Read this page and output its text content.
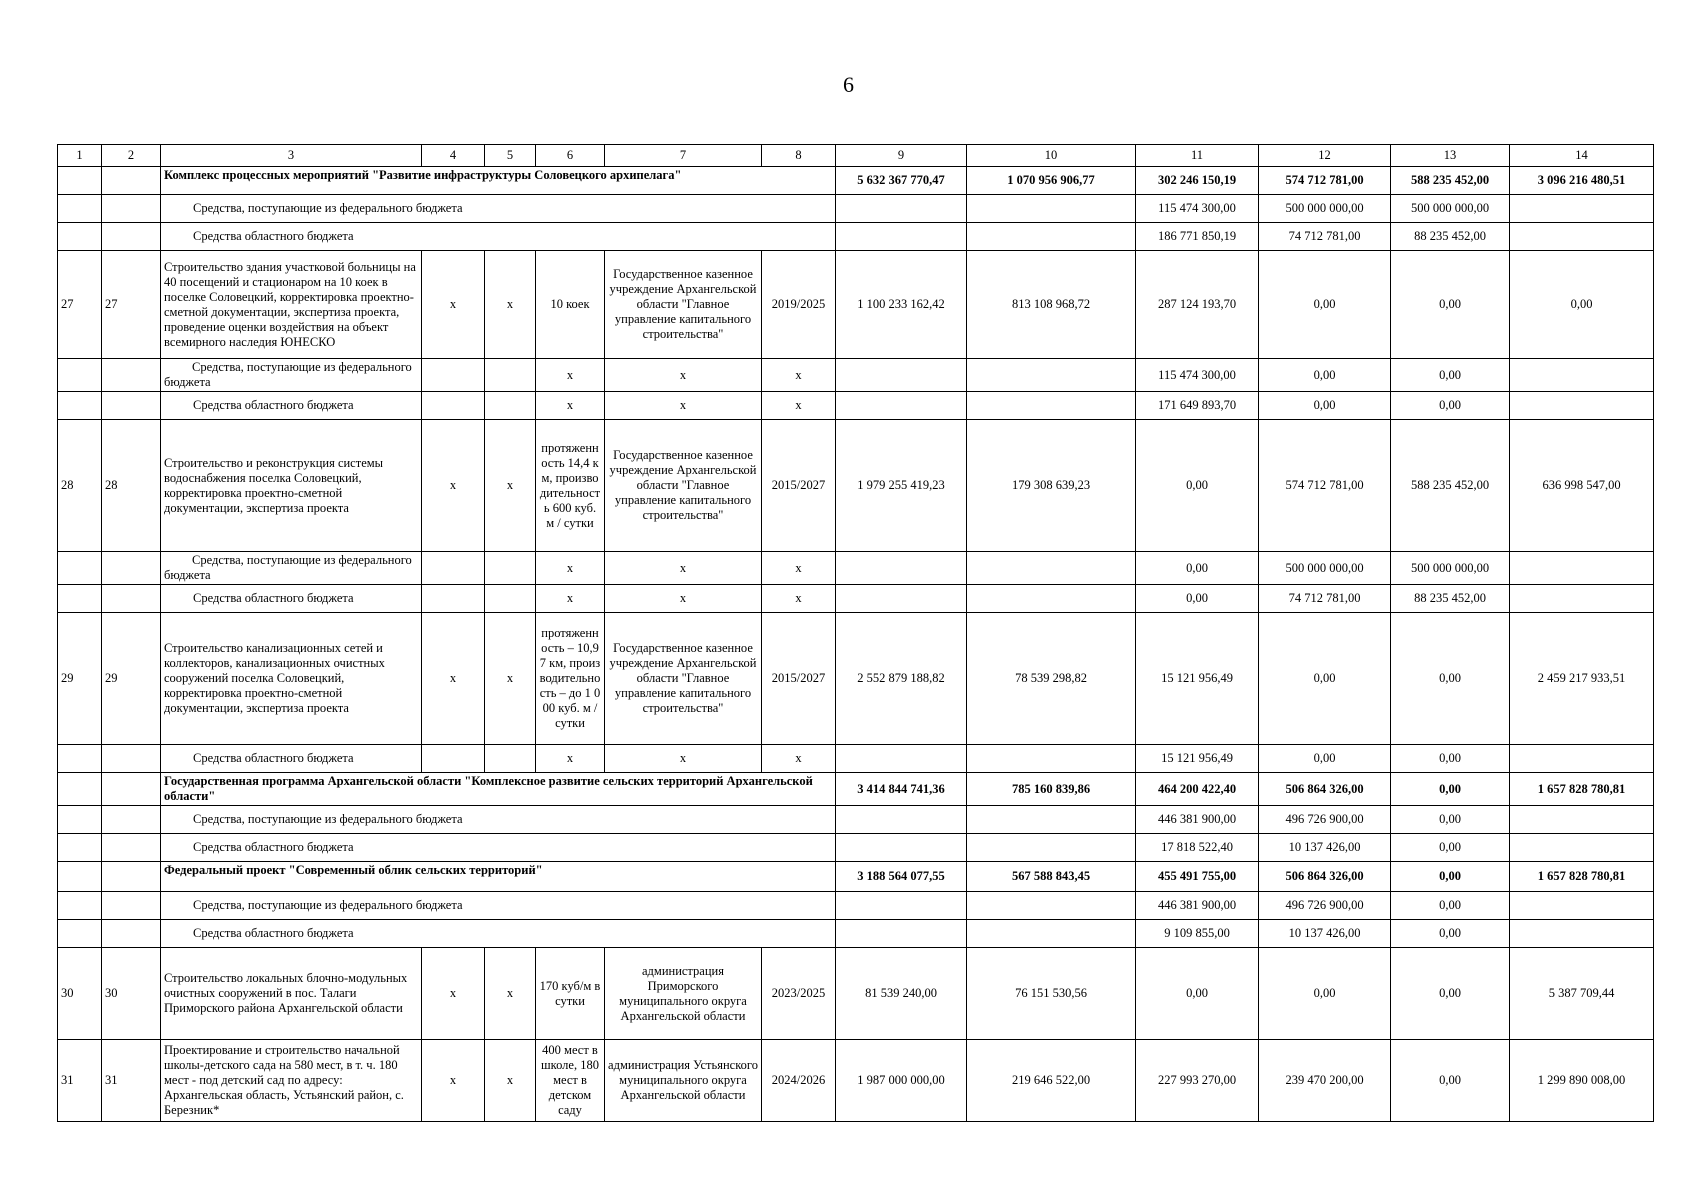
6
1	2	3	4	5	6	7	8	9	10	11	12	13	14
		Комплекс процессных мероприятий "Развитие инфраструктуры Соловецкого архипелага"						5 632 367 770,47	1 070 956 906,77	302 246 150,19	574 712 781,00	588 235 452,00	3 096 216 480,51
		Средства, поступающие из федерального бюджета								115 474 300,00	500 000 000,00	500 000 000,00	
		Средства областного бюджета								186 771 850,19	74 712 781,00	88 235 452,00	
27	27	Строительство здания участковой больницы на 40 посещений и стационаром на 10 коек в поселке Соловецкий, корректировка проектно-сметной документации, экспертиза проекта, проведение оценки воздействия на объект всемирного наследия ЮНЕСКО	х	х	10 коек	Государственное казенное учреждение Архангельской области "Главное управление капитального строительства"	2019/2025	1 100 233 162,42	813 108 968,72	287 124 193,70	0,00	0,00	0,00
		Средства, поступающие из федерального бюджета			х	х	х			115 474 300,00	0,00	0,00	
		Средства областного бюджета			х	х	х			171 649 893,70	0,00	0,00	
28	28	Строительство и реконструкция системы водоснабжения поселка Соловецкий, корректировка проектно-сметной документации, экспертиза проекта	х	х	протяженность 14,4 км, производительность 600 куб. м / сутки	Государственное казенное учреждение Архангельской области "Главное управление капитального строительства"	2015/2027	1 979 255 419,23	179 308 639,23	0,00	574 712 781,00	588 235 452,00	636 998 547,00
		Средства, поступающие из федерального бюджета			х	х	х			0,00	500 000 000,00	500 000 000,00	
		Средства областного бюджета			х	х	х			0,00	74 712 781,00	88 235 452,00	
29	29	Строительство канализационных сетей и коллекторов, канализационных очистных сооружений поселка Соловецкий, корректировка проектно-сметной документации, экспертиза проекта	х	х	протяженность – 10,97 км, производительность – до 1 000 куб. м / сутки	Государственное казенное учреждение Архангельской области "Главное управление капитального строительства"	2015/2027	2 552 879 188,82	78 539 298,82	15 121 956,49	0,00	0,00	2 459 217 933,51
		Средства областного бюджета			х	х	х			15 121 956,49	0,00	0,00	
		Государственная программа Архангельской области "Комплексное развитие сельских территорий Архангельской области"						3 414 844 741,36	785 160 839,86	464 200 422,40	506 864 326,00	0,00	1 657 828 780,81
		Средства, поступающие из федерального бюджета								446 381 900,00	496 726 900,00	0,00	
		Средства областного бюджета								17 818 522,40	10 137 426,00	0,00	
		Федеральный проект "Современный облик сельских территорий"						3 188 564 077,55	567 588 843,45	455 491 755,00	506 864 326,00	0,00	1 657 828 780,81
		Средства, поступающие из федерального бюджета								446 381 900,00	496 726 900,00	0,00	
		Средства областного бюджета								9 109 855,00	10 137 426,00	0,00	
30	30	Строительство локальных блочно-модульных очистных сооружений в пос. Талаги Приморского района Архангельской области	х	х	170 куб/м в сутки	администрация Приморского муниципального округа Архангельской области	2023/2025	81 539 240,00	76 151 530,56	0,00	0,00	0,00	5 387 709,44
31	31	Проектирование и строительство начальной школы-детского сада на 580 мест, в т. ч. 180 мест - под детский сад по адресу: Архангельская область, Устьянский район, с. Березник*	х	х	400 мест в школе, 180 мест в детском саду	администрация Устьянского муниципального округа Архангельской области	2024/2026	1 987 000 000,00	219 646 522,00	227 993 270,00	239 470 200,00	0,00	1 299 890 008,00
